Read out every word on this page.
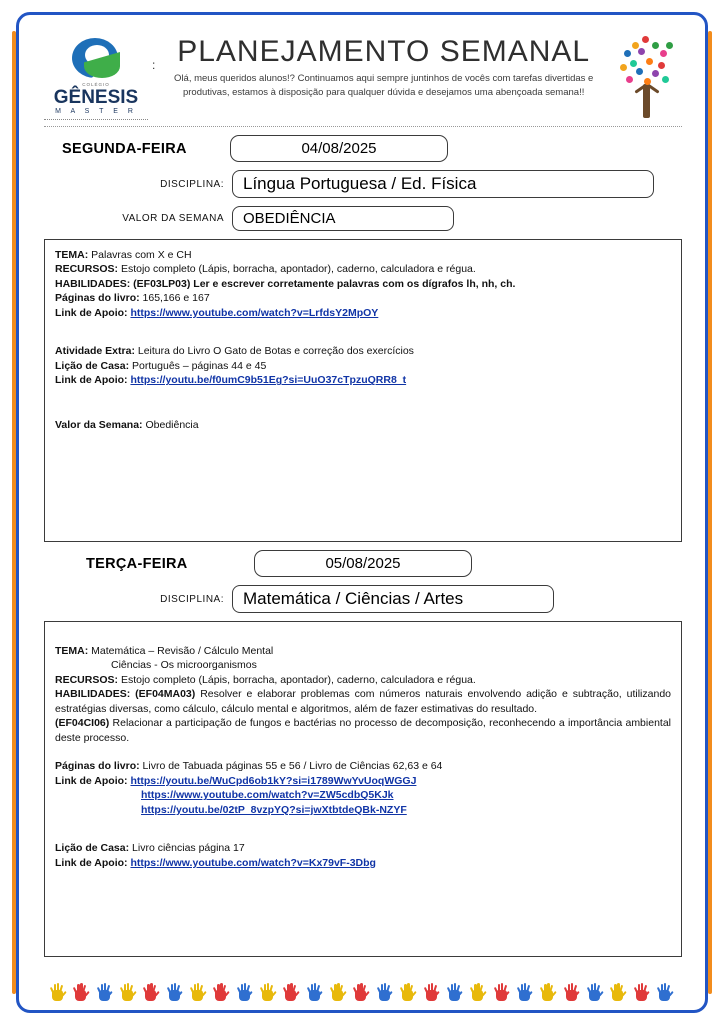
COLÉGIO
GÊNESIS
M A S T E R
: PLANEJAMENTO SEMANAL
Olá, meus queridos alunos!? Continuamos aqui sempre juntinhos de vocês com tarefas divertidas e produtivas, estamos à disposição para qualquer dúvida e desejamos uma abençoada semana!!
SEGUNDA-FEIRA	04/08/2025
DISCIPLINA:	Língua Portuguesa / Ed. Física
VALOR DA SEMANA	OBEDIÊNCIA
TEMA: Palavras com X e CH
RECURSOS: Estojo completo (Lápis, borracha, apontador), caderno, calculadora e régua.
HABILIDADES: (EF03LP03) Ler e escrever corretamente palavras com os dígrafos lh, nh, ch.
Páginas do livro: 165,166 e 167
Link de Apoio: https://www.youtube.com/watch?v=LrfdsY2MpOY
Atividade Extra: Leitura do Livro O Gato de Botas e correção dos exercícios
Lição de Casa: Português – páginas 44 e 45
Link de Apoio: https://youtu.be/f0umC9b51Eg?si=UuO37cTpzuQRR8_t
Valor da Semana: Obediência
TERÇA-FEIRA	05/08/2025
DISCIPLINA:	Matemática / Ciências / Artes
TEMA: Matemática – Revisão / Cálculo Mental
Ciências - Os microorganismos
RECURSOS: Estojo completo (Lápis, borracha, apontador), caderno, calculadora e régua.
HABILIDADES: (EF04MA03) Resolver e elaborar problemas com números naturais envolvendo adição e subtração, utilizando estratégias diversas, como cálculo, cálculo mental e algoritmos, além de fazer estimativas do resultado.
(EF04CI06) Relacionar a participação de fungos e bactérias no processo de decomposição, reconhecendo a importância ambiental deste processo.
Páginas do livro: Livro de Tabuada páginas 55 e 56 / Livro de Ciências 62,63 e 64
Link de Apoio: https://youtu.be/WuCpd6ob1kY?si=i1789WwYvUoqWGGJ
https://www.youtube.com/watch?v=ZW5cdbQ5KJk
https://youtu.be/02tP_8vzpYQ?si=jwXtbtdeQBk-NZYF
Lição de Casa: Livro ciências página 17
Link de Apoio: https://www.youtube.com/watch?v=Kx79vF-3Dbg
